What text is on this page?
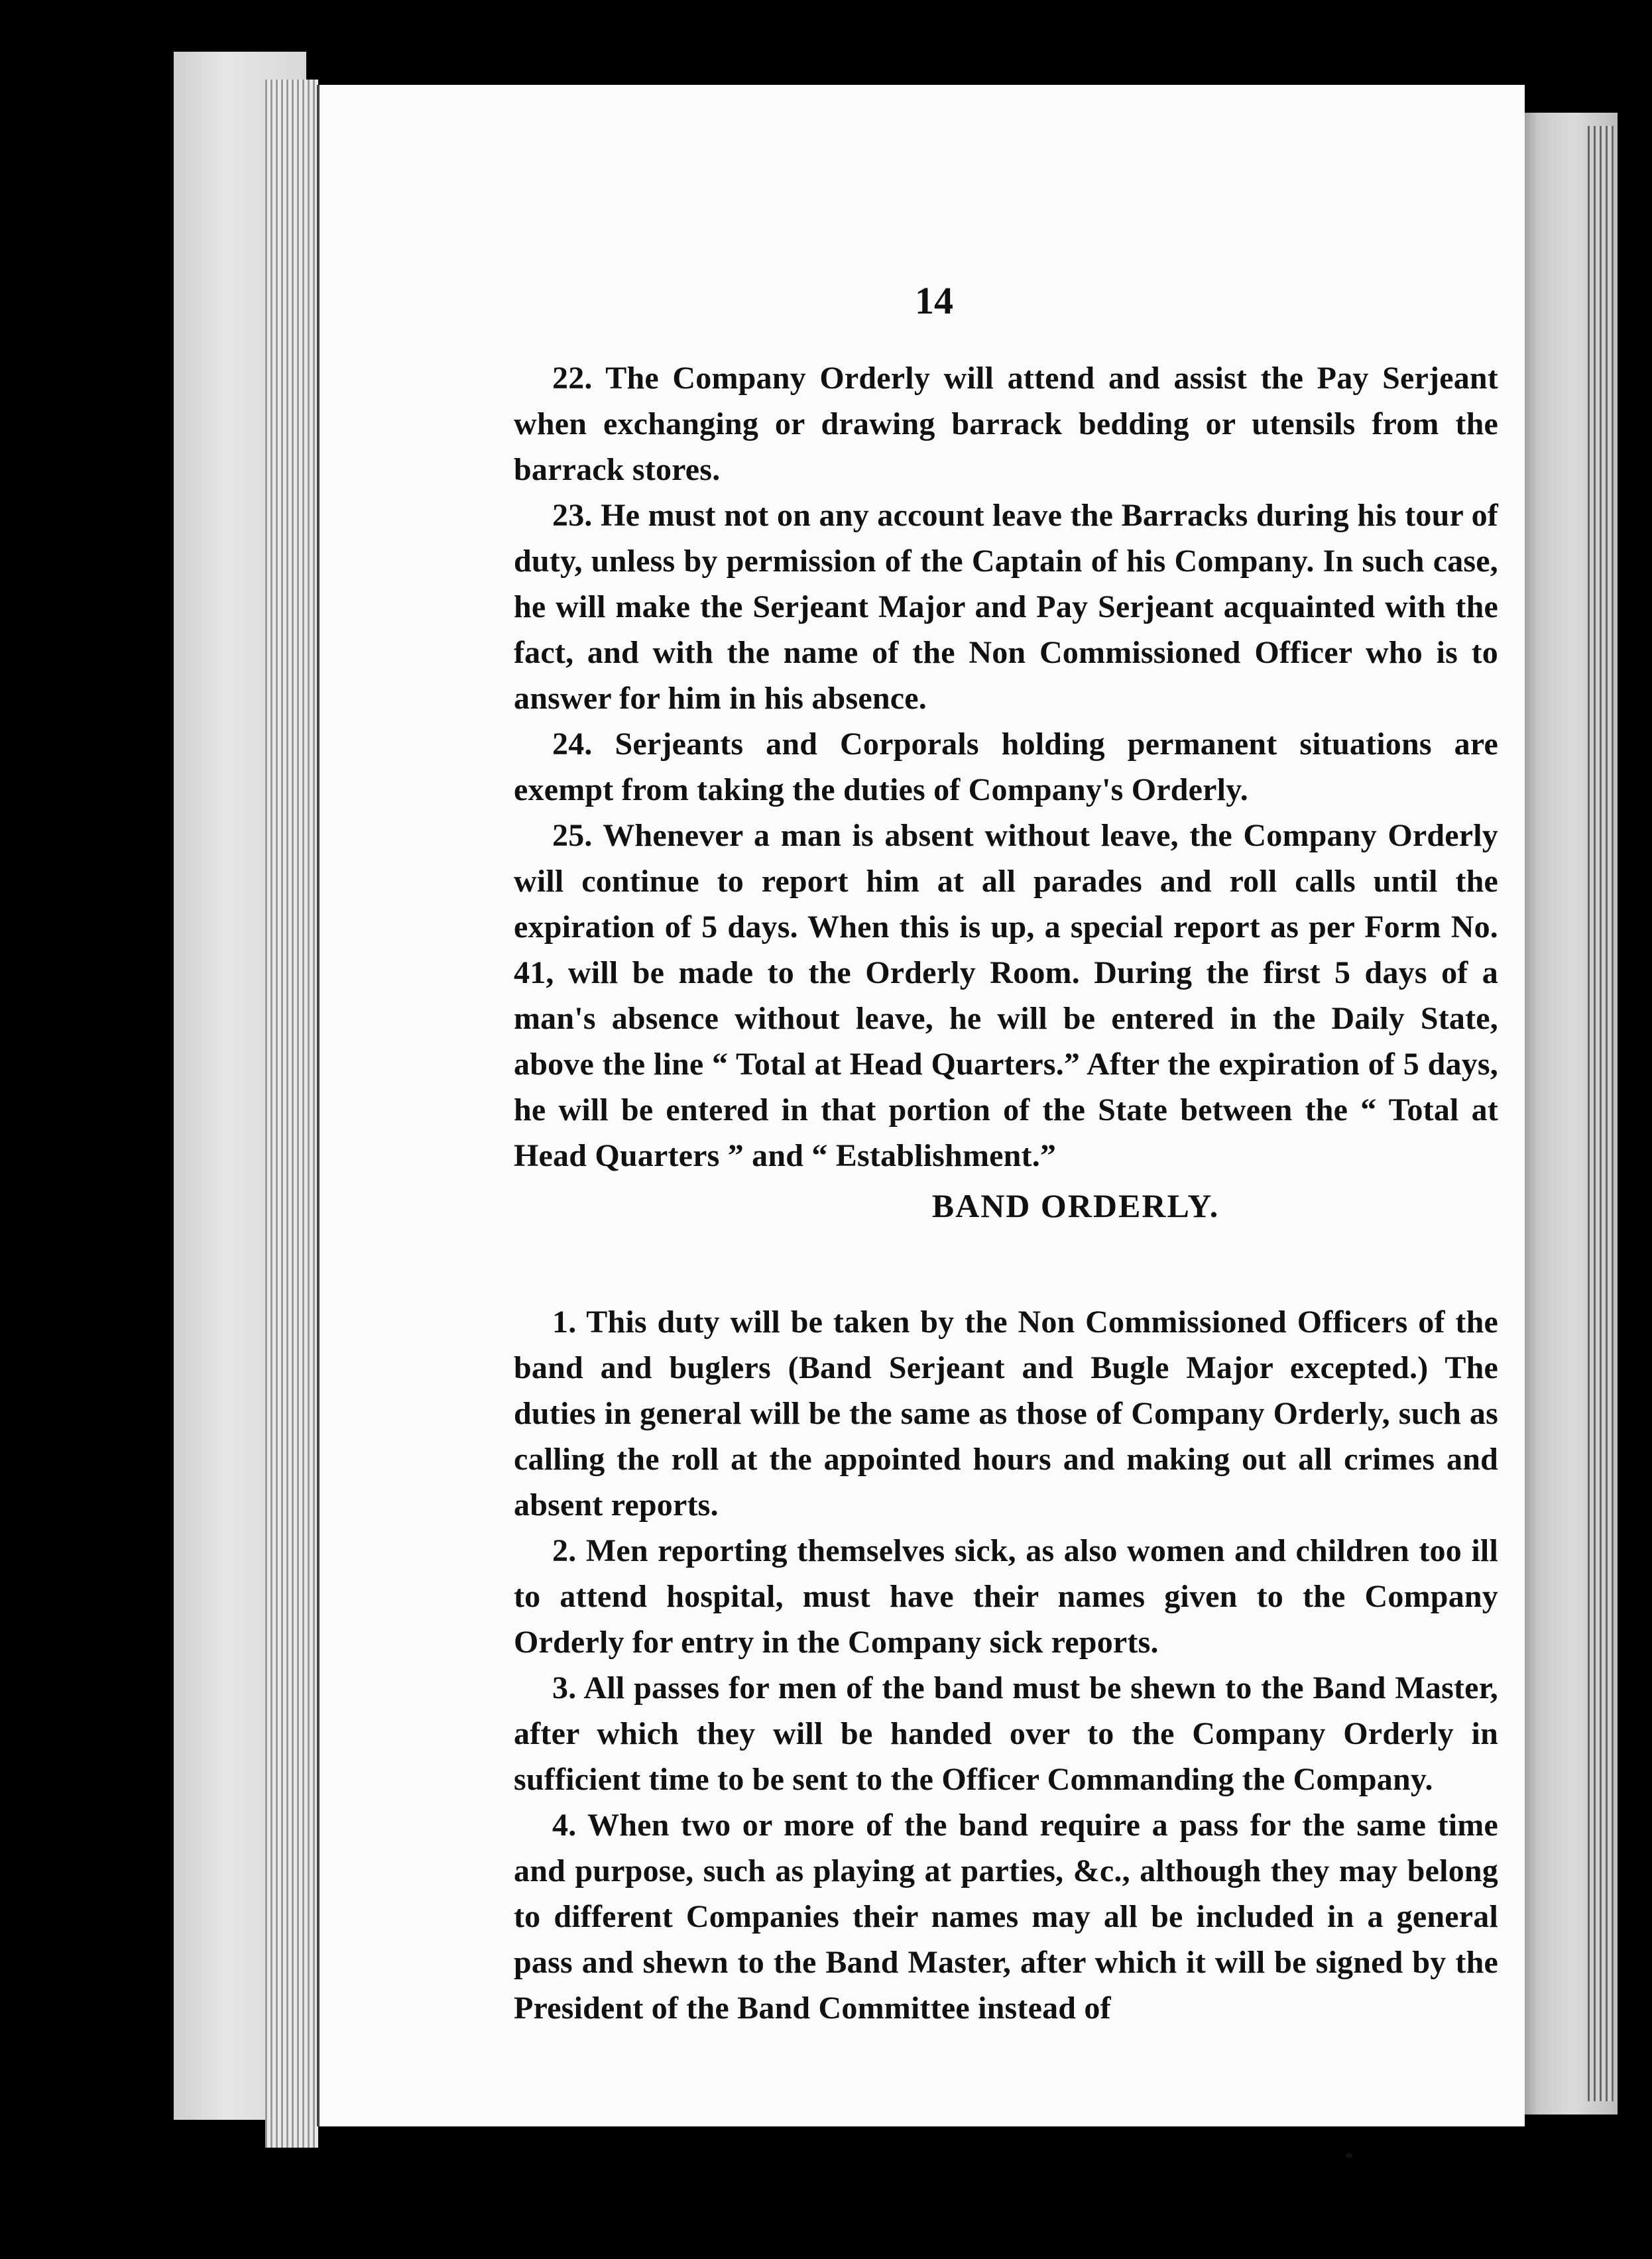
14

22. The Company Orderly will attend and assist the Pay Serjeant when exchanging or drawing barrack bedding or utensils from the barrack stores.

23. He must not on any account leave the Barracks during his tour of duty, unless by permission of the Captain of his Company. In such case, he will make the Serjeant Major and Pay Serjeant acquainted with the fact, and with the name of the Non Commissioned Officer who is to answer for him in his absence.

24. Serjeants and Corporals holding permanent situations are exempt from taking the duties of Company's Orderly.

25. Whenever a man is absent without leave, the Company Orderly will continue to report him at all parades and roll calls until the expiration of 5 days. When this is up, a special report as per Form No. 41, will be made to the Orderly Room. During the first 5 days of a man's absence without leave, he will be entered in the Daily State, above the line “ Total at Head Quarters.” After the expiration of 5 days, he will be entered in that portion of the State between the “ Total at Head Quarters ” and “ Establishment.”

BAND ORDERLY.

1. This duty will be taken by the Non Commissioned Officers of the band and buglers (Band Serjeant and Bugle Major excepted.) The duties in general will be the same as those of Company Orderly, such as calling the roll at the appointed hours and making out all crimes and absent reports.

2. Men reporting themselves sick, as also women and children too ill to attend hospital, must have their names given to the Company Orderly for entry in the Company sick reports.

3. All passes for men of the band must be shewn to the Band Master, after which they will be handed over to the Company Orderly in sufficient time to be sent to the Officer Commanding the Company.

4. When two or more of the band require a pass for the same time and purpose, such as playing at parties, &c., although they may belong to different Companies their names may all be included in a general pass and shewn to the Band Master, after which it will be signed by the President of the Band Committee instead of
